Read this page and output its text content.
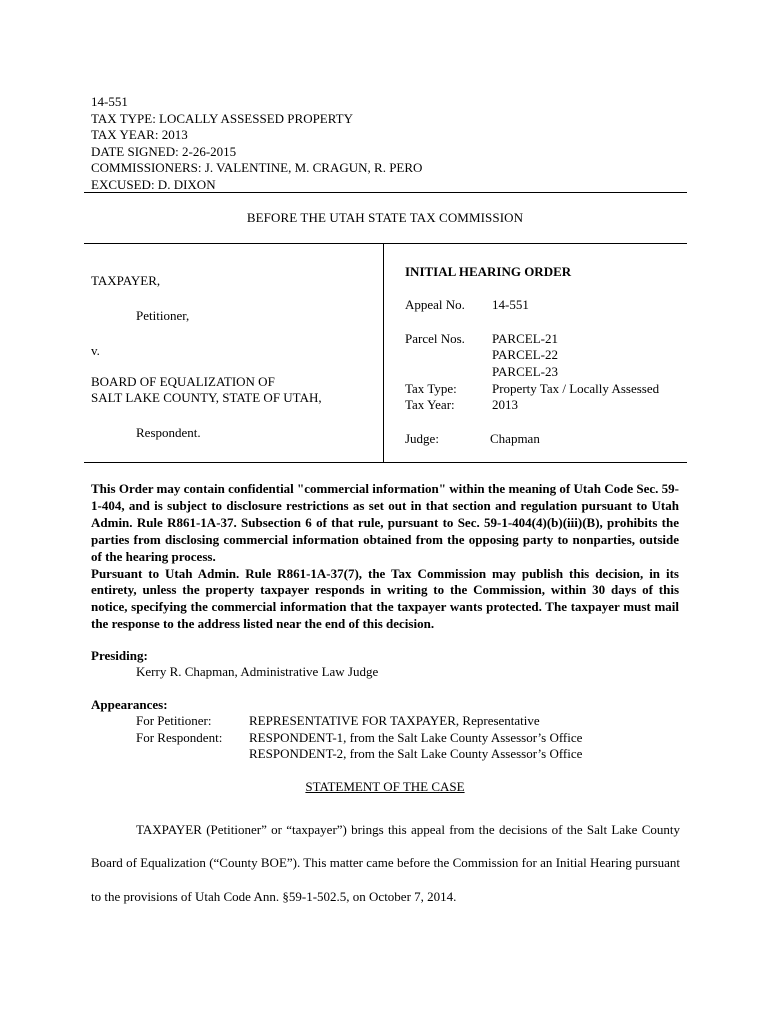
14-551
TAX TYPE: LOCALLY ASSESSED PROPERTY
TAX YEAR: 2013
DATE SIGNED: 2-26-2015
COMMISSIONERS: J. VALENTINE, M. CRAGUN, R. PERO
EXCUSED: D. DIXON
BEFORE THE UTAH STATE TAX COMMISSION
TAXPAYER,
Petitioner,
v.
BOARD OF EQUALIZATION OF
SALT LAKE COUNTY, STATE OF UTAH,
Respondent.
INITIAL HEARING ORDER
Appeal No. 14-551
Parcel Nos. PARCEL-21
PARCEL-22
PARCEL-23
Tax Type:	Property Tax / Locally Assessed
Tax Year:	2013
Judge:	Chapman

This Order may contain confidential "commercial information" within the meaning of Utah Code Sec. 59-1-404, and is subject to disclosure restrictions as set out in that section and regulation pursuant to Utah Admin. Rule R861-1A-37. Subsection 6 of that rule, pursuant to Sec. 59-1-404(4)(b)(iii)(B), prohibits the parties from disclosing commercial information obtained from the opposing party to nonparties, outside of the hearing process.

Pursuant to Utah Admin. Rule R861-1A-37(7), the Tax Commission may publish this decision, in its entirety, unless the property taxpayer responds in writing to the Commission, within 30 days of this notice, specifying the commercial information that the taxpayer wants protected. The taxpayer must mail the response to the address listed near the end of this decision.

Presiding:
Kerry R. Chapman, Administrative Law Judge
Appearances:
For Petitioner:	REPRESENTATIVE FOR TAXPAYER, Representative
For Respondent: RESPONDENT-1, from the Salt Lake County Assessor’s Office
RESPONDENT-2, from the Salt Lake County Assessor’s Office
STATEMENT OF THE CASE

TAXPAYER (Petitioner” or “taxpayer”) brings this appeal from the decisions of the Salt Lake County Board of Equalization (“County BOE”). This matter came before the Commission for an Initial Hearing pursuant to the provisions of Utah Code Ann. §59-1-502.5, on October 7, 2014.
